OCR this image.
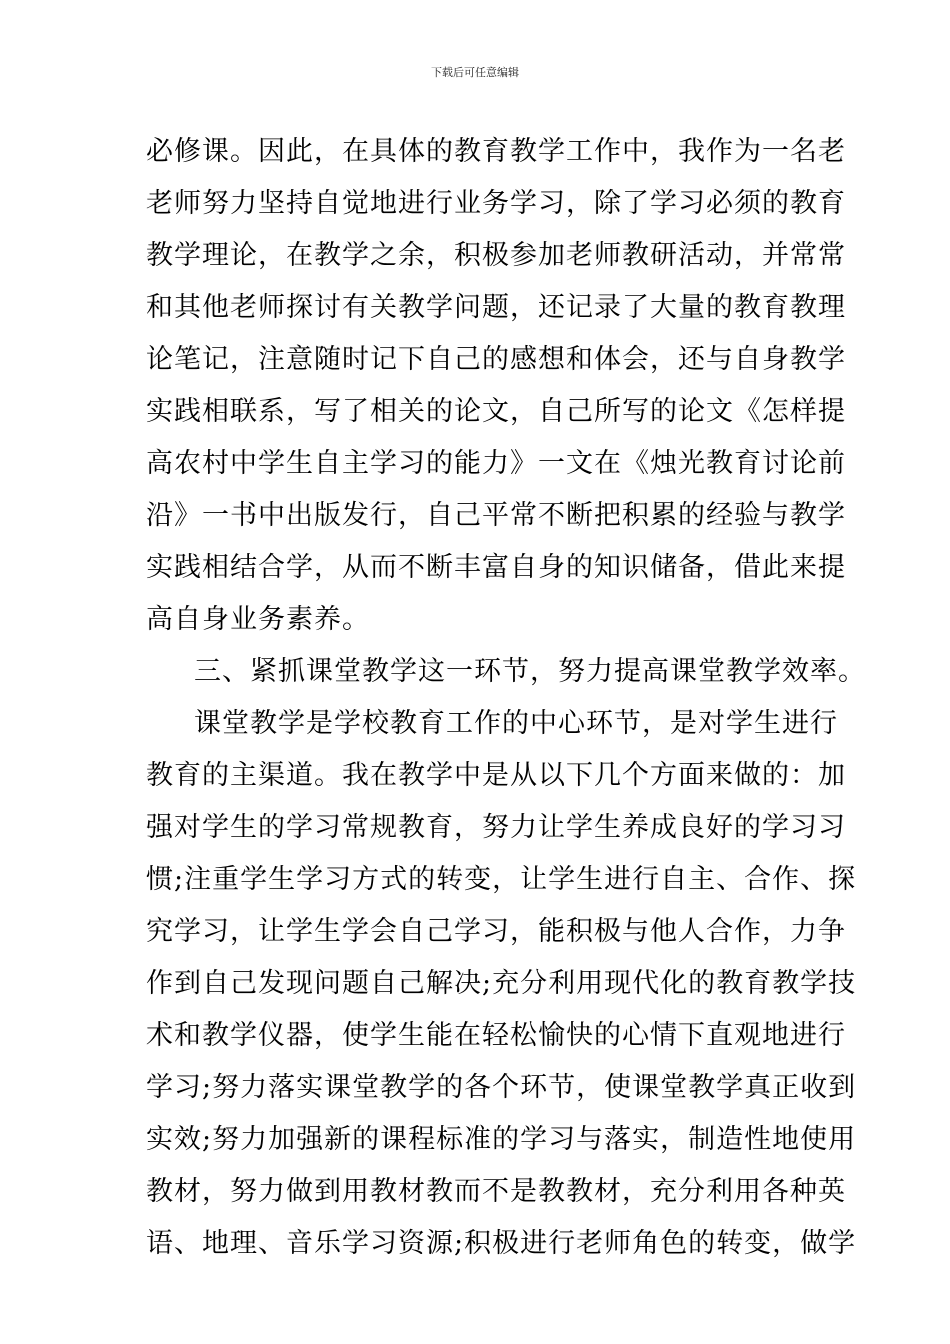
下载后可任意编辑
必修课。因此，在具体的教育教学工作中，我作为一名老
老师努力坚持自觉地进行业务学习，除了学习必须的教育
教学理论，在教学之余，积极参加老师教研活动，并常常
和其他老师探讨有关教学问题，还记录了大量的教育教理
论笔记，注意随时记下自己的感想和体会，还与自身教学
实践相联系，写了相关的论文，自己所写的论文《怎样提
高农村中学生自主学习的能力》一文在《烛光教育讨论前
沿》一书中出版发行，自己平常不断把积累的经验与教学
实践相结合学，从而不断丰富自身的知识储备，借此来提
高自身业务素养。
三、紧抓课堂教学这一环节，努力提高课堂教学效率。
课堂教学是学校教育工作的中心环节，是对学生进行
教育的主渠道。我在教学中是从以下几个方面来做的：加
强对学生的学习常规教育，努力让学生养成良好的学习习
惯;注重学生学习方式的转变，让学生进行自主、合作、探
究学习，让学生学会自己学习，能积极与他人合作，力争
作到自己发现问题自己解决;充分利用现代化的教育教学技
术和教学仪器，使学生能在轻松愉快的心情下直观地进行
学习;努力落实课堂教学的各个环节，使课堂教学真正收到
实效;努力加强新的课程标准的学习与落实，制造性地使用
教材，努力做到用教材教而不是教教材，充分利用各种英
语、地理、音乐学习资源;积极进行老师角色的转变，做学
